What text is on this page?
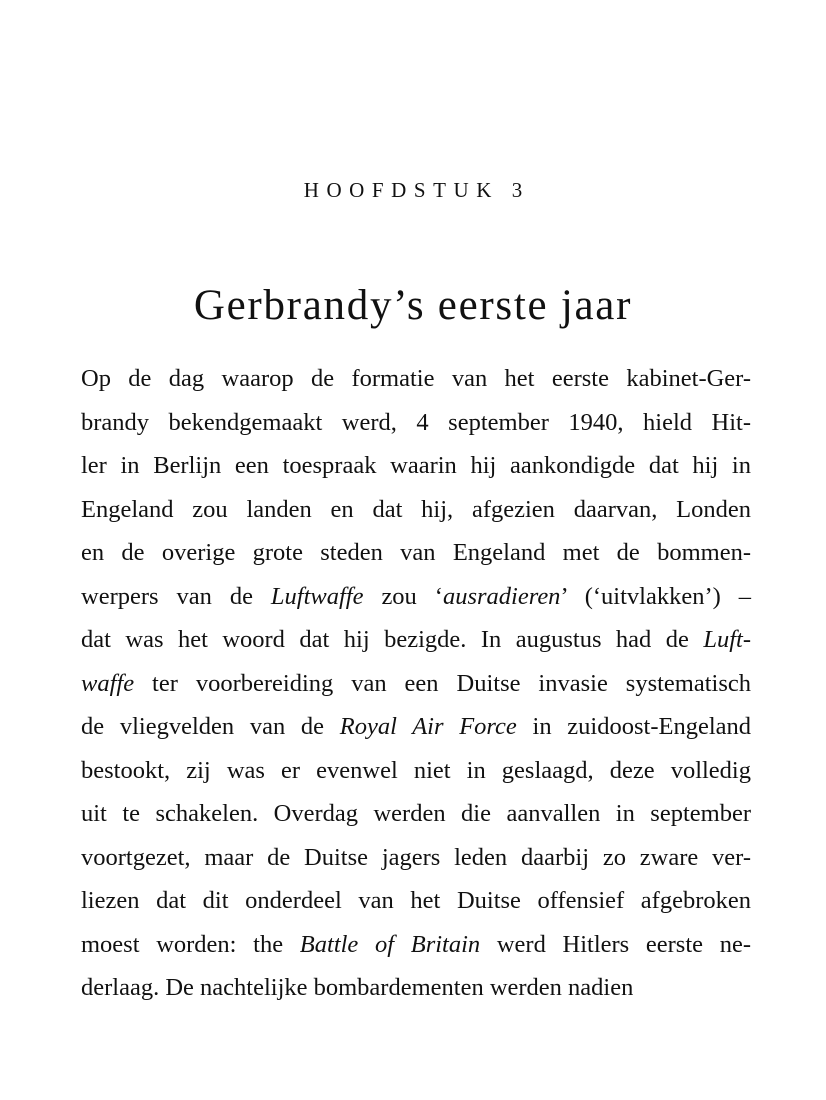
HOOFDSTUK 3
Gerbrandy’s eerste jaar
Op de dag waarop de formatie van het eerste kabinet-Ger-
brandy bekendgemaakt werd, 4 september 1940, hield Hit-
ler in Berlijn een toespraak waarin hij aankondigde dat hij in
Engeland zou landen en dat hij, afgezien daarvan, Londen
en de overige grote steden van Engeland met de bommen-
werpers van de Luftwaffe zou ‘ausradieren’ (‘uitvlakken’) –
dat was het woord dat hij bezigde. In augustus had de Luft-
waffe ter voorbereiding van een Duitse invasie systematisch
de vliegvelden van de Royal Air Force in zuidoost-Engeland
bestookt, zij was er evenwel niet in geslaagd, deze volledig
uit te schakelen. Overdag werden die aanvallen in september
voortgezet, maar de Duitse jagers leden daarbij zo zware ver-
liezen dat dit onderdeel van het Duitse offensief afgebroken
moest worden: the Battle of Britain werd Hitlers eerste ne-
derlaag. De nachtelijke bombardementen werden nadien
